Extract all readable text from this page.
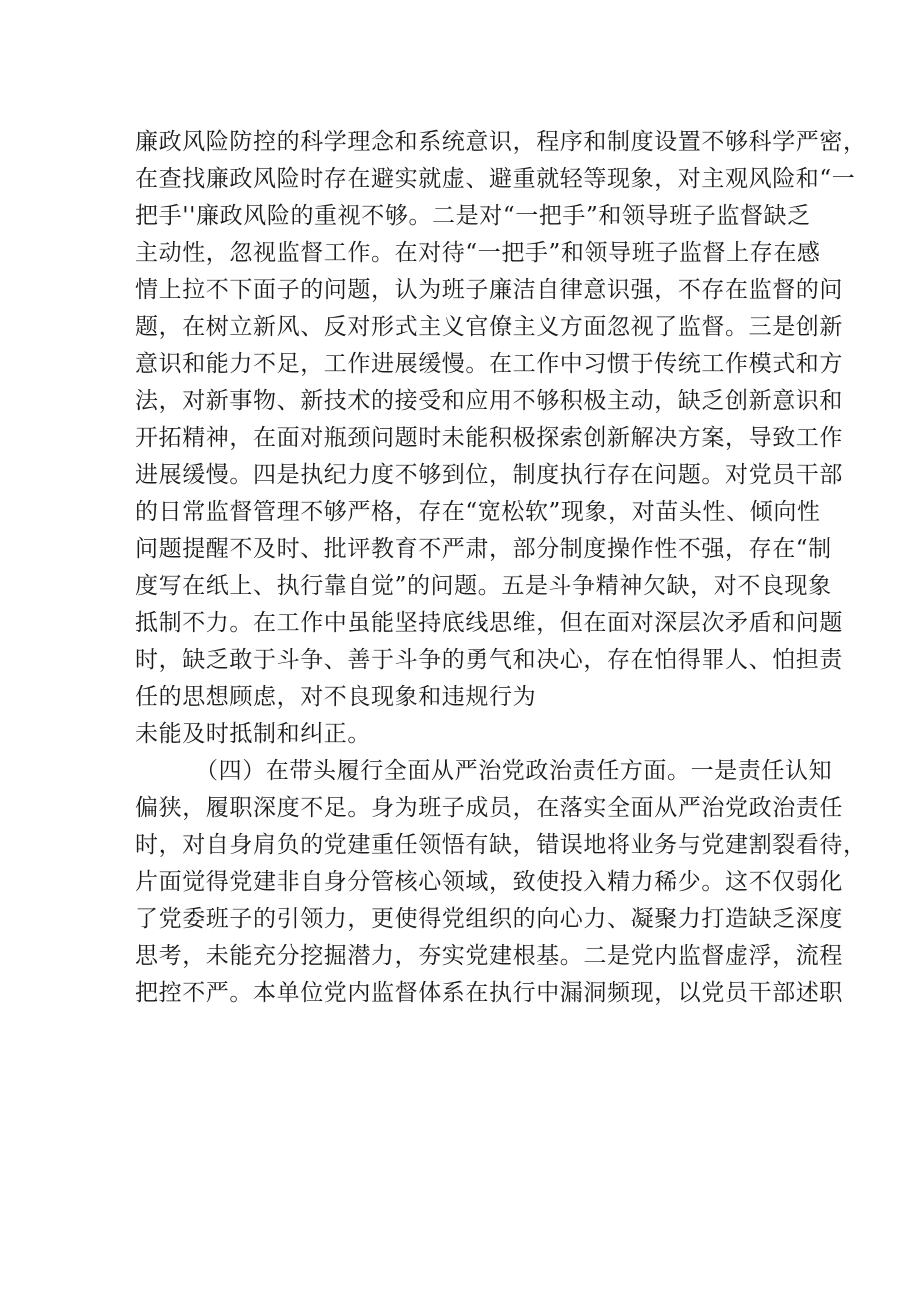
廉政风险防控的科学理念和系统意识，程序和制度设置不够科学严密，
在查找廉政风险时存在避实就虚、避重就轻等现象，对主观风险和“一
把手''廉政风险的重视不够。二是对“一把手”和领导班子监督缺乏
主动性，忽视监督工作。在对待“一把手”和领导班子监督上存在感
情上拉不下面子的问题，认为班子廉洁自律意识强，不存在监督的问
题，在树立新风、反对形式主义官僚主义方面忽视了监督。三是创新
意识和能力不足，工作进展缓慢。在工作中习惯于传统工作模式和方
法，对新事物、新技术的接受和应用不够积极主动，缺乏创新意识和
开拓精神，在面对瓶颈问题时未能积极探索创新解决方案，导致工作
进展缓慢。四是执纪力度不够到位，制度执行存在问题。对党员干部
的日常监督管理不够严格，存在“宽松软”现象，对苗头性、倾向性
问题提醒不及时、批评教育不严肃，部分制度操作性不强，存在“制
度写在纸上、执行靠自觉”的问题。五是斗争精神欠缺，对不良现象
抵制不力。在工作中虽能坚持底线思维，但在面对深层次矛盾和问题
时，缺乏敢于斗争、善于斗争的勇气和决心，存在怕得罪人、怕担责
任的思想顾虑，对不良现象和违规行为
未能及时抵制和纠正。
（四）在带头履行全面从严治党政治责任方面。一是责任认知
偏狭，履职深度不足。身为班子成员，在落实全面从严治党政治责任
时，对自身肩负的党建重任领悟有缺，错误地将业务与党建割裂看待，
片面觉得党建非自身分管核心领域，致使投入精力稀少。这不仅弱化
了党委班子的引领力，更使得党组织的向心力、凝聚力打造缺乏深度
思考，未能充分挖掘潜力，夯实党建根基。二是党内监督虚浮，流程
把控不严。本单位党内监督体系在执行中漏洞频现，以党员干部述职
